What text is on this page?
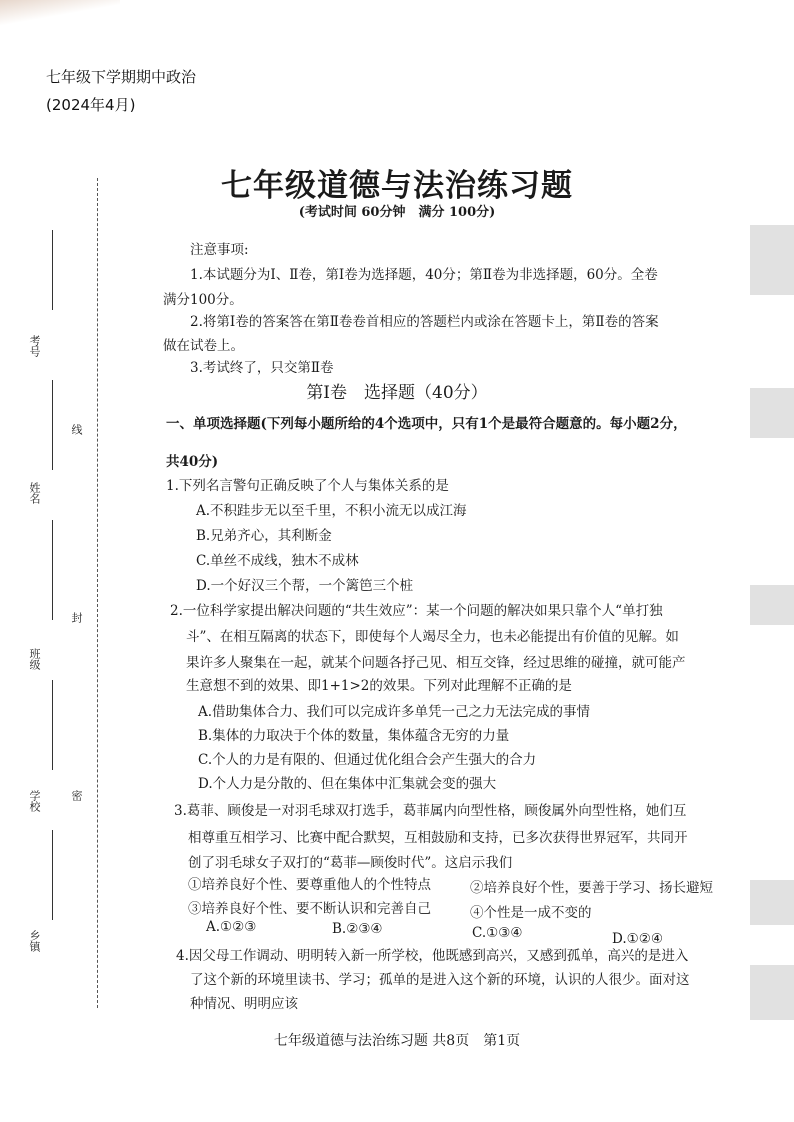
七年级下学期期中政治
(2024年4月)
考号
线
姓名
班级
封
学校	密
乡镇
七年级道德与法治练习题
(考试时间 60分钟　满分 100分)
注意事项:
1.本试题分为Ⅰ、Ⅱ卷，第Ⅰ卷为选择题，40分；第Ⅱ卷为非选择题，60分。全卷
满分100分。
2.将第Ⅰ卷的答案答在第Ⅱ卷卷首相应的答题栏内或涂在答题卡上，第Ⅱ卷的答案
做在试卷上。
3.考试终了，只交第Ⅱ卷
第Ⅰ卷　选择题（40分）
一、单项选择题(下列每小题所给的4个选项中，只有1个是最符合题意的。每小题2分，
共40分)
1.下列名言警句正确反映了个人与集体关系的是
A.不积跬步无以至千里，不积小流无以成江海
B.兄弟齐心，其利断金
C.单丝不成线，独木不成林
D.一个好汉三个帮，一个篱笆三个桩
2.一位科学家提出解决问题的“共生效应”：某一个问题的解决如果只靠个人“单打独
斗”、在相互隔离的状态下，即使每个人竭尽全力，也未必能提出有价值的见解。如
果许多人聚集在一起，就某个问题各抒己见、相互交锋，经过思维的碰撞，就可能产
生意想不到的效果、即1+1>2的效果。下列对此理解不正确的是
A.借助集体合力、我们可以完成许多单凭一己之力无法完成的事情
B.集体的力取决于个体的数量，集体蕴含无穷的力量
C.个人的力是有限的、但通过优化组合会产生强大的合力
D.个人力是分散的、但在集体中汇集就会变的强大
3.葛菲、顾俊是一对羽毛球双打选手，葛菲属内向型性格，顾俊属外向型性格，她们互
相尊重互相学习、比赛中配合默契，互相鼓励和支持，已多次获得世界冠军，共同开
创了羽毛球女子双打的“葛菲—顾俊时代”。这启示我们
①培养良好个性、要尊重他人的个性特点	②培养良好个性，要善于学习、扬长避短
③培养良好个性、要不断认识和完善自己	④个性是一成不变的
A.①②③	B.②③④	C.①③④	D.①②④
4.因父母工作调动、明明转入新一所学校，他既感到高兴，又感到孤单，高兴的是进入
了这个新的环境里读书、学习；孤单的是进入这个新的环境，认识的人很少。面对这
种情况、明明应该
七年级道德与法治练习题 共8页　第1页
